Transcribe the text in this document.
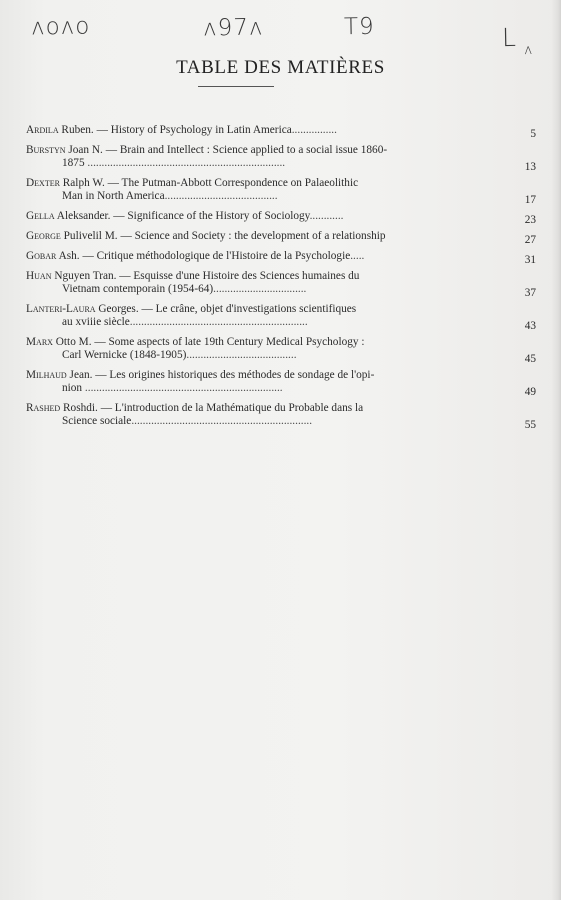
ʌoʌo	ʌ97ʌ	T9	L ʌ
TABLE DES MATIÈRES
Ardila Ruben. — History of Psychology in Latin America................	5
Burstyn Joan N. — Brain and Intellect : Science applied to a social issue 1860-
1875 ......................................................................	13
Dexter Ralph W. — The Putman-Abbott Correspondence on Palaeolithic
Man in North America........................................	17
Gella Aleksander. — Significance of the History of Sociology............	23
George Pulivelil M. — Science and Society : the development of a relationship	27
Gobar Ash. — Critique méthodologique de l'Histoire de la Psychologie.....	31
Huan Nguyen Tran. — Esquisse d'une Histoire des Sciences humaines du
Vietnam contemporain (1954-64).................................	37
Lanteri-Laura Georges. — Le crâne, objet d'investigations scientifiques
au xviiie siècle...............................................................	43
Marx Otto M. — Some aspects of late 19th Century Medical Psychology :
Carl Wernicke (1848-1905).......................................	45
Milhaud Jean. — Les origines historiques des méthodes de sondage de l'opi-
nion ......................................................................	49
Rashed Roshdi. — L'introduction de la Mathématique du Probable dans la
Science sociale................................................................	55
